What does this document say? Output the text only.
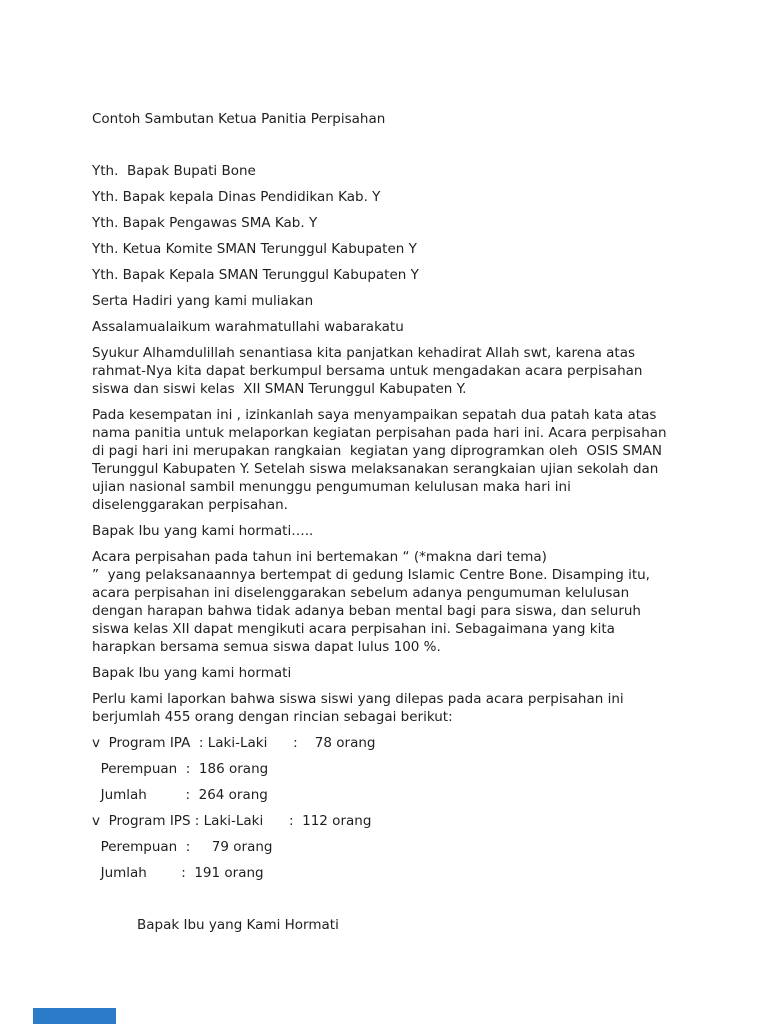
Contoh Sambutan Ketua Panitia Perpisahan

Yth.  Bapak Bupati Bone

Yth. Bapak kepala Dinas Pendidikan Kab. Y

Yth. Bapak Pengawas SMA Kab. Y

Yth. Ketua Komite SMAN Terunggul Kabupaten Y

Yth. Bapak Kepala SMAN Terunggul Kabupaten Y

Serta Hadiri yang kami muliakan

Assalamualaikum warahmatullahi wabarakatu

Syukur Alhamdulillah senantiasa kita panjatkan kehadirat Allah swt, karena atas rahmat-Nya kita dapat berkumpul bersama untuk mengadakan acara perpisahan siswa dan siswi kelas  XII SMAN Terunggul Kabupaten Y.

Pada kesempatan ini , izinkanlah saya menyampaikan sepatah dua patah kata atas nama panitia untuk melaporkan kegiatan perpisahan pada hari ini. Acara perpisahan di pagi hari ini merupakan rangkaian  kegiatan yang diprogramkan oleh  OSIS SMAN Terunggul Kabupaten Y. Setelah siswa melaksanakan serangkaian ujian sekolah dan ujian nasional sambil menunggu pengumuman kelulusan maka hari ini diselenggarakan perpisahan.

Bapak Ibu yang kami hormati…..

Acara perpisahan pada tahun ini bertemakan “ (*makna dari tema)
”  yang pelaksanaannya bertempat di gedung Islamic Centre Bone. Disamping itu, acara perpisahan ini diselenggarakan sebelum adanya pengumuman kelulusan dengan harapan bahwa tidak adanya beban mental bagi para siswa, dan seluruh siswa kelas XII dapat mengikuti acara perpisahan ini. Sebagaimana yang kita harapkan bersama semua siswa dapat lulus 100 %.

Bapak Ibu yang kami hormati

Perlu kami laporkan bahwa siswa siswi yang dilepas pada acara perpisahan ini berjumlah 455 orang dengan rincian sebagai berikut:

v  Program IPA  : Laki-Laki      :    78 orang

Perempuan  :  186 orang

Jumlah         :  264 orang

v  Program IPS : Laki-Laki      :  112 orang

Perempuan  :     79 orang

Jumlah        :  191 orang

Bapak Ibu yang Kami Hormati
